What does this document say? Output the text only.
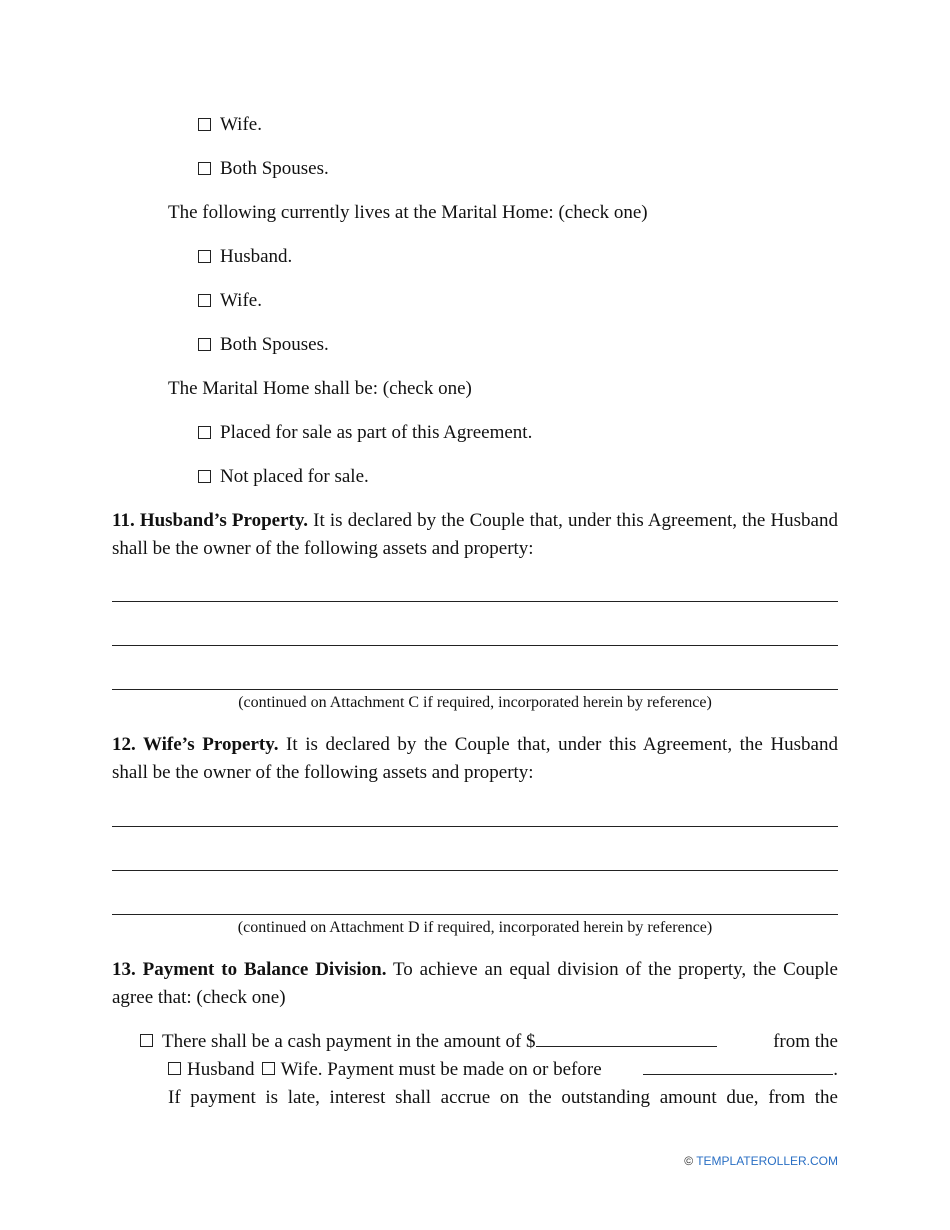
Wife.
Both Spouses.
The following currently lives at the Marital Home: (check one)
Husband.
Wife.
Both Spouses.
The Marital Home shall be: (check one)
Placed for sale as part of this Agreement.
Not placed for sale.
11. Husband’s Property. It is declared by the Couple that, under this Agreement, the Husband shall be the owner of the following assets and property:
(continued on Attachment C if required, incorporated herein by reference)
12. Wife’s Property. It is declared by the Couple that, under this Agreement, the Husband shall be the owner of the following assets and property:
(continued on Attachment D if required, incorporated herein by reference)
13. Payment to Balance Division. To achieve an equal division of the property, the Couple agree that: (check one)
There shall be a cash payment in the amount of $	from the
Husband Wife. Payment must be made on or before	.
If payment is late, interest shall accrue on the outstanding amount due, from the
© TEMPLATEROLLER.COM
